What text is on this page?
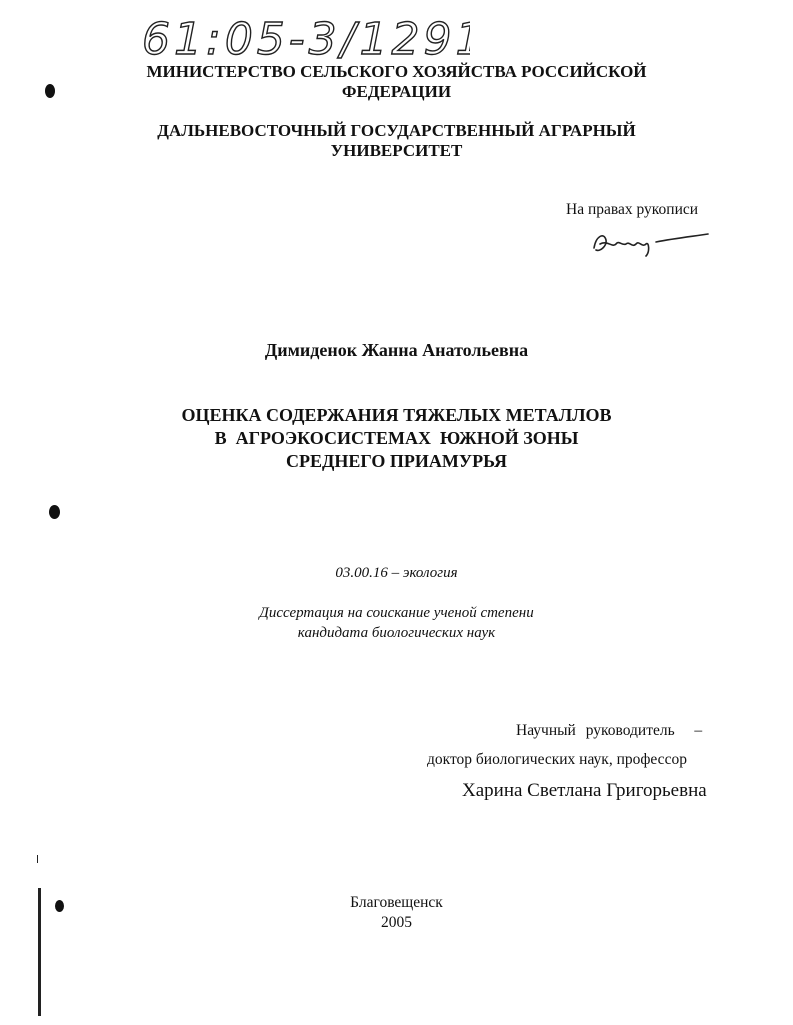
61:05-3/1291
МИНИСТЕРСТВО СЕЛЬСКОГО ХОЗЯЙСТВА РОССИЙСКОЙ
ФЕДЕРАЦИИ
ДАЛЬНЕВОСТОЧНЫЙ ГОСУДАРСТВЕННЫЙ АГРАРНЫЙ
УНИВЕРСИТЕТ
На правах рукописи
Димиденок Жанна Анатольевна
ОЦЕНКА СОДЕРЖАНИЯ ТЯЖЕЛЫХ МЕТАЛЛОВ
В  АГРОЭКОСИСТЕМАХ  ЮЖНОЙ ЗОНЫ
СРЕДНЕГО ПРИАМУРЬЯ
03.00.16 – экология
Диссертация на соискание ученой степени
кандидата биологических наук
Научный руководитель  –
доктор биологических наук, профессор
Харина Светлана Григорьевна
Благовещенск
2005
